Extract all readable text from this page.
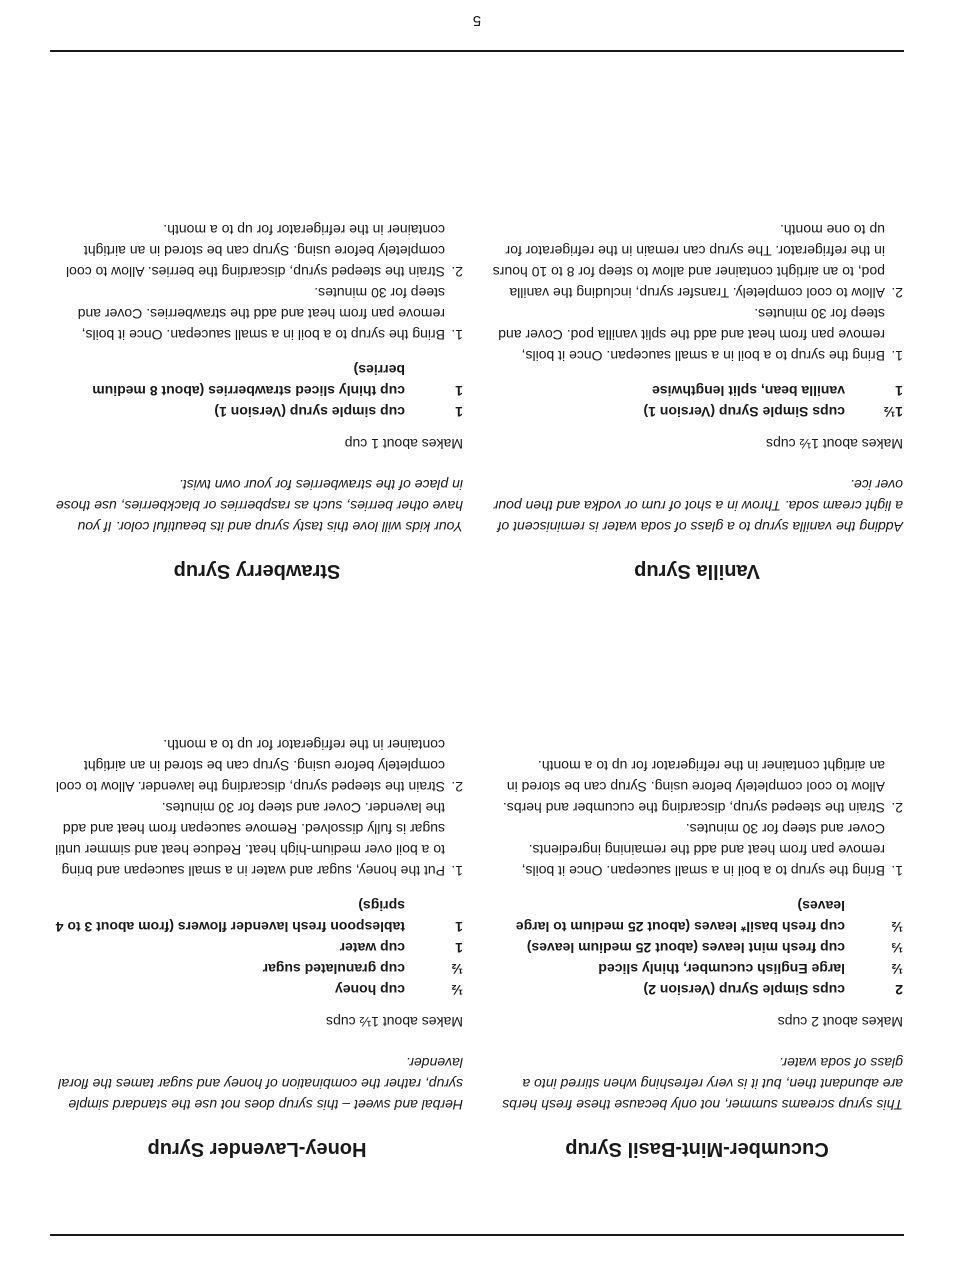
Cucumber-Mint-Basil Syrup

This syrup screams summer, not only because these fresh herbs are abundant then, but it is very refreshing when stirred into a glass of soda water.

Makes about 2 cups

2
cups Simple Syrup (Version 2)
½
large English cucumber, thinly sliced
⅓
cup fresh mint leaves (about 25 medium leaves)
½
cup fresh basil* leaves (about 25 medium to large leaves)
1.
Bring the syrup to a boil in a small saucepan. Once it boils, remove pan from heat and add the remaining ingredients. Cover and steep for 30 minutes.
2.
Strain the steeped syrup, discarding the cucumber and herbs. Allow to cool completely before using. Syrup can be stored in an airtight container in the refrigerator for up to a month.
Honey-Lavender Syrup

Herbal and sweet – this syrup does not use the standard simple syrup, rather the combination of honey and sugar tames the floral lavender.

Makes about 1½ cups

½
cup honey
½
cup granulated sugar
1
cup water
1
tablespoon fresh lavender flowers (from about 3 to 4 sprigs)
1.
Put the honey, sugar and water in a small saucepan and bring to a boil over medium-high heat. Reduce heat and simmer until sugar is fully dissolved. Remove saucepan from heat and add the lavender. Cover and steep for 30 minutes.
2.
Strain the steeped syrup, discarding the lavender. Allow to cool completely before using. Syrup can be stored in an airtight container in the refrigerator for up to a month.
Vanilla Syrup

Adding the vanilla syrup to a glass of soda water is reminiscent of a light cream soda. Throw in a shot of rum or vodka and then pour over ice.

Makes about 1½ cups

1½
cups Simple Syrup (Version 1)
1
vanilla bean, split lengthwise
1.
Bring the syrup to a boil in a small saucepan. Once it boils, remove pan from heat and add the split vanilla pod. Cover and steep for 30 minutes.
2.
Allow to cool completely. Transfer syrup, including the vanilla pod, to an airtight container and allow to steep for 8 to 10 hours in the refrigerator. The syrup can remain in the refrigerator for up to one month.
Strawberry Syrup

Your kids will love this tasty syrup and its beautiful color. If you have other berries, such as raspberries or blackberries, use those in place of the strawberries for your own twist.

Makes about 1 cup

1
cup simple syrup (Version 1)
1
cup thinly sliced strawberries (about 8 medium berries)
1.
Bring the syrup to a boil in a small saucepan. Once it boils, remove pan from heat and add the strawberries. Cover and steep for 30 minutes.
2.
Strain the steeped syrup, discarding the berries. Allow to cool completely before using. Syrup can be stored in an airtight container in the refrigerator for up to a month.
5
